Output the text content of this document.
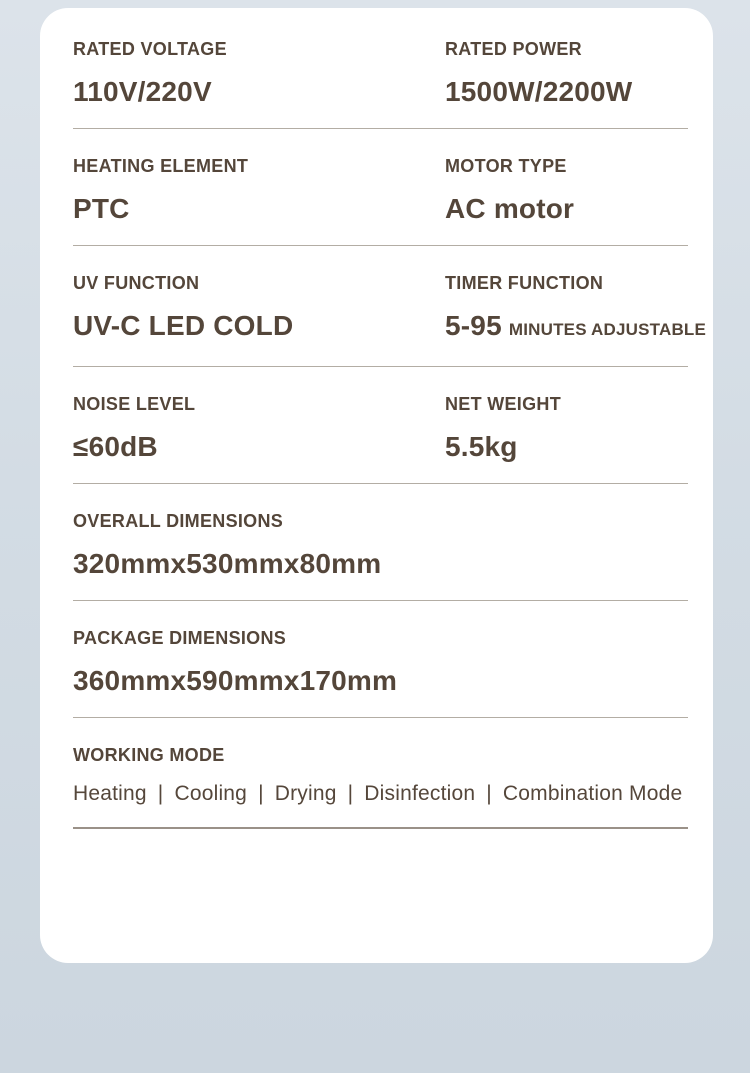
RATED VOLTAGE
110V/220V
RATED POWER
1500W/2200W
HEATING ELEMENT
PTC
MOTOR TYPE
AC motor
UV FUNCTION
UV-C LED COLD
TIMER FUNCTION
5-95 MINUTES ADJUSTABLE
NOISE LEVEL
≤60dB
NET WEIGHT
5.5kg
OVERALL DIMENSIONS
320mmx530mmx80mm
PACKAGE DIMENSIONS
360mmx590mmx170mm
WORKING MODE
Heating | Cooling | Drying | Disinfection | Combination Mode
